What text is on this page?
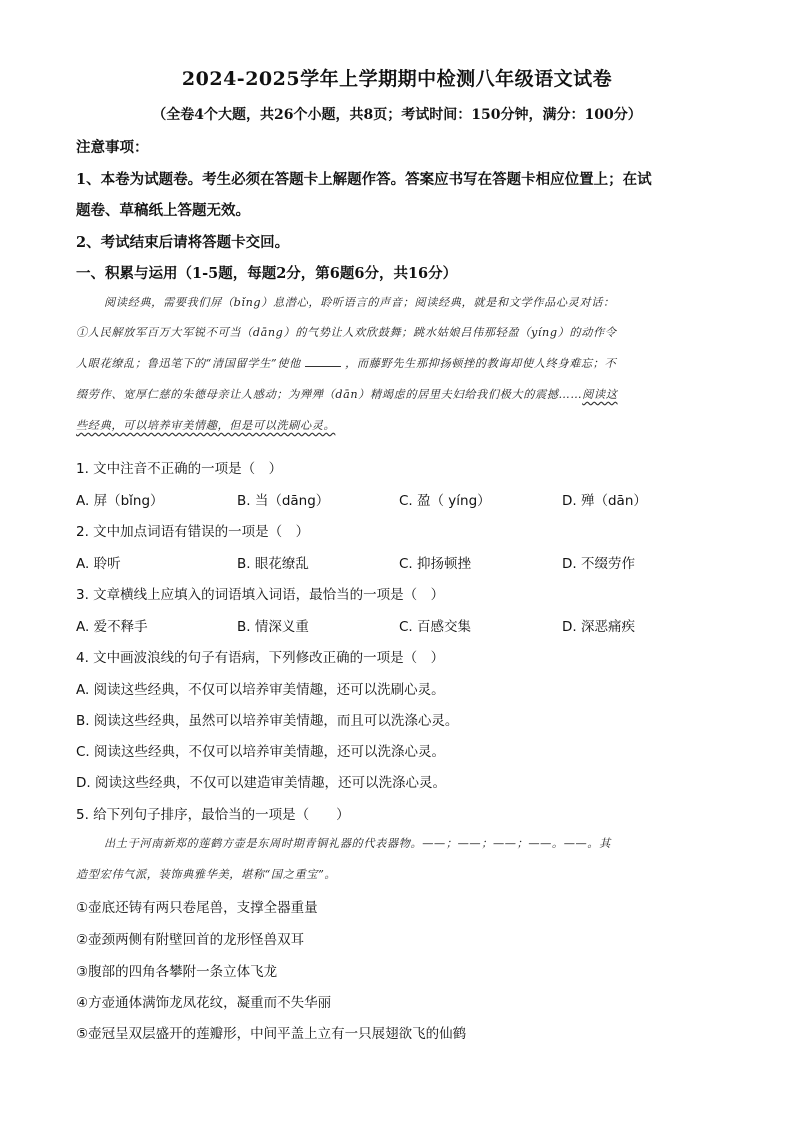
2024-2025学年上学期期中检测八年级语文试卷
（全卷4个大题，共26个小题，共8页；考试时间：150分钟，满分：100分）
注意事项：
1、本卷为试题卷。考生必须在答题卡上解题作答。答案应书写在答题卡相应位置上；在试
题卷、草稿纸上答题无效。
2、考试结束后请将答题卡交回。
一、积累与运用（1-5题，每题2分，第6题6分，共16分）
阅读经典，需要我们屏（bǐng）息潜心，聆听语言的声音；阅读经典，就是和文学作品心灵对话：
①人民解放军百万大军锐不可当（dāng）的气势让人欢欣鼓舞；跳水姑娘吕伟那轻盈（yíng）的动作令
人眼花缭乱；鲁迅笔下的“清国留学生”使他	，而藤野先生那抑扬顿挫的教诲却使人终身难忘；不
缀劳作、宽厚仁慈的朱德母亲让人感动；为殚殚（dān）精竭虑的居里夫妇给我们极大的震撼……阅读这
些经典，可以培养审美情趣，但是可以洗刷心灵。
1. 文中注音不正确的一项是（　）
A. 屏（bǐng）	B. 当（dāng）	C. 盈（ yíng）	D. 殚（dān）
2. 文中加点词语有错误的一项是（　）
A. 聆听	B. 眼花缭乱	C. 抑扬顿挫	D. 不缀劳作
3. 文章横线上应填入的词语填入词语，最恰当的一项是（　）
A. 爱不释手	B. 情深义重	C. 百感交集	D. 深恶痛疾
4. 文中画波浪线的句子有语病，下列修改正确的一项是（　）
A. 阅读这些经典，不仅可以培养审美情趣，还可以洗刷心灵。
B. 阅读这些经典，虽然可以培养审美情趣，而且可以洗涤心灵。
C. 阅读这些经典，不仅可以培养审美情趣，还可以洗涤心灵。
D. 阅读这些经典，不仅可以建造审美情趣，还可以洗涤心灵。
5. 给下列句子排序，最恰当的一项是（　　）
出土于河南新郑的莲鹤方壶是东周时期青铜礼器的代表器物。——；——；——；——。——。其
造型宏伟气派，装饰典雅华美，堪称“国之重宝”。
①壶底还铸有两只卷尾兽，支撑全器重量
②壶颈两侧有附壁回首的龙形怪兽双耳
③腹部的四角各攀附一条立体飞龙
④方壶通体满饰龙凤花纹，凝重而不失华丽
⑤壶冠呈双层盛开的莲瓣形，中间平盖上立有一只展翅欲飞的仙鹤
